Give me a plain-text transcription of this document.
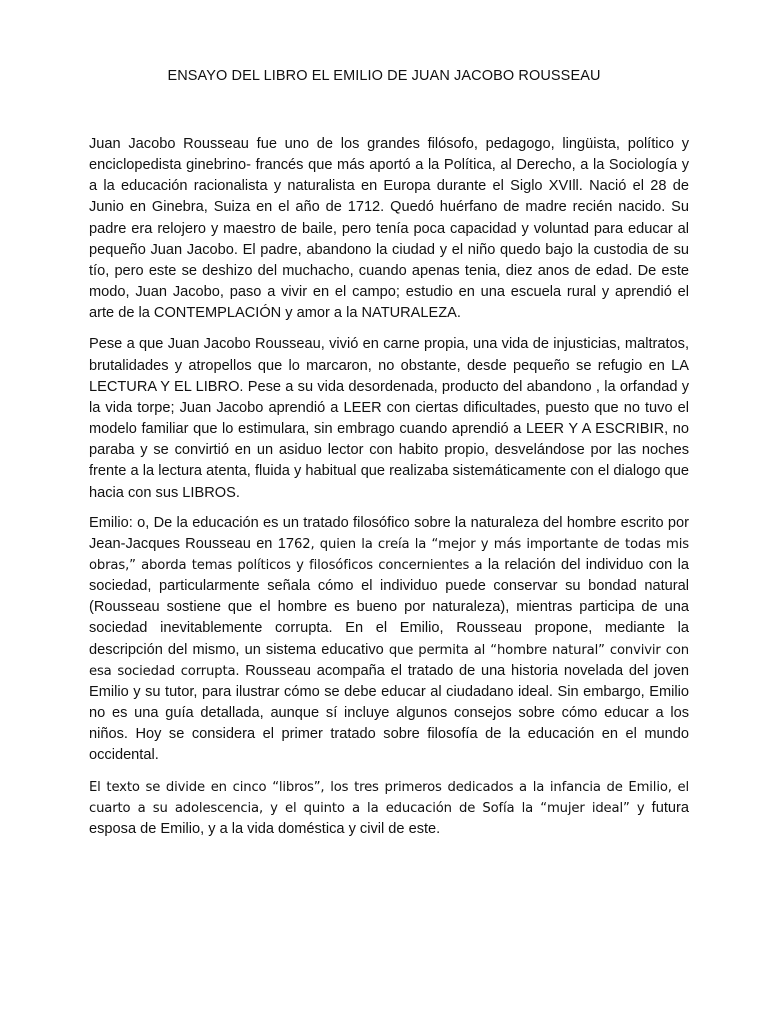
ENSAYO DEL LIBRO EL EMILIO DE JUAN JACOBO ROUSSEAU

Juan Jacobo Rousseau fue uno de los grandes filósofo, pedagogo, lingüista, político y enciclopedista ginebrino- francés que más aportó a la Política, al Derecho, a la Sociología y a la educación racionalista y naturalista en Europa durante el Siglo XVIll. Nació el 28 de Junio en Ginebra, Suiza en el año de 1712. Quedó huérfano de madre recién nacido. Su padre era relojero y maestro de baile, pero tenía poca capacidad y voluntad para educar al pequeño Juan Jacobo. El padre, abandono la ciudad y el niño quedo bajo la custodia de su tío, pero este se deshizo del muchacho, cuando apenas tenia, diez anos de edad. De este modo, Juan Jacobo, paso a vivir en el campo; estudio en una escuela rural y aprendió el arte de la CONTEMPLACIÓN y amor a la NATURALEZA.

Pese a que Juan Jacobo Rousseau, vivió en carne propia, una vida de injusticias, maltratos, brutalidades y atropellos que lo marcaron, no obstante, desde pequeño se refugio en LA LECTURA Y EL LIBRO. Pese a su vida desordenada, producto del abandono , la orfandad y la vida torpe; Juan Jacobo aprendió a LEER con ciertas dificultades, puesto que no tuvo el modelo familiar que lo estimulara, sin embrago cuando aprendió a LEER Y A ESCRIBIR, no paraba y se convirtió en un asiduo lector con habito propio, desvelándose por las noches frente a la lectura atenta, fluida y habitual que realizaba sistemáticamente con el dialogo que hacia con sus LIBROS.

Emilio: o, De la educación es un tratado filosófico sobre la naturaleza del hombre escrito por Jean-Jacques Rousseau en 1762, quien la creía la “mejor y más importante de todas mis obras,” aborda temas políticos y filosóficos concernientes a la relación del individuo con la sociedad, particularmente señala cómo el individuo puede conservar su bondad natural (Rousseau sostiene que el hombre es bueno por naturaleza), mientras participa de una sociedad inevitablemente corrupta. En el Emilio, Rousseau propone, mediante la descripción del mismo, un sistema educativo que permita al “hombre natural” convivir con esa sociedad corrupta. Rousseau acompaña el tratado de una historia novelada del joven Emilio y su tutor, para ilustrar cómo se debe educar al ciudadano ideal. Sin embargo, Emilio no es una guía detallada, aunque sí incluye algunos consejos sobre cómo educar a los niños. Hoy se considera el primer tratado sobre filosofía de la educación en el mundo occidental.

El texto se divide en cinco “libros”, los tres primeros dedicados a la infancia de Emilio, el cuarto a su adolescencia, y el quinto a la educación de Sofía la “mujer ideal” y futura esposa de Emilio, y a la vida doméstica y civil de este.
